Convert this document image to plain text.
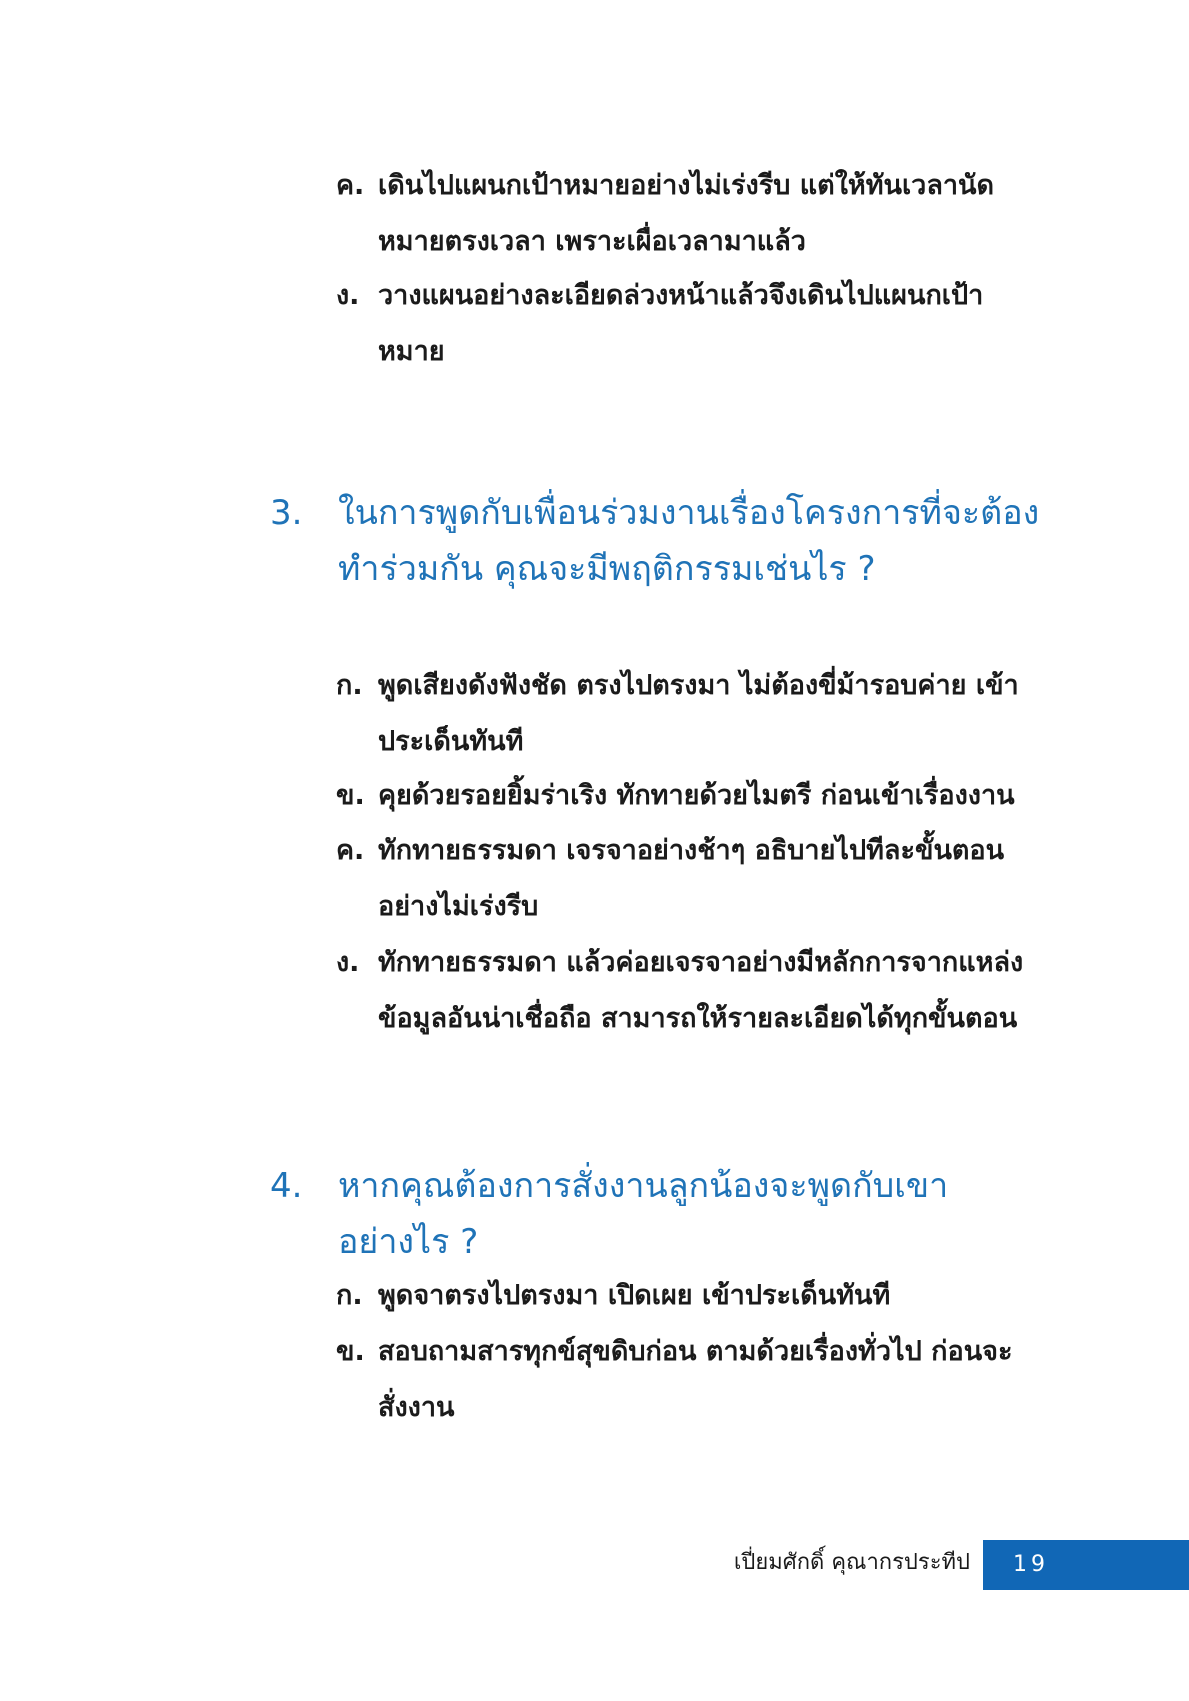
ค. เดินไปแผนกเป้าหมายอย่างไม่เร่งรีบ แต่ให้ทันเวลานัดหมายตรงเวลา เพราะเผื่อเวลามาแล้ว
ง. วางแผนอย่างละเอียดล่วงหน้าแล้วจึงเดินไปแผนกเป้าหมาย
3. ในการพูดกับเพื่อนร่วมงานเรื่องโครงการที่จะต้องทำร่วมกัน คุณจะมีพฤติกรรมเช่นไร ?
ก. พูดเสียงดังฟังชัด ตรงไปตรงมา ไม่ต้องขี่ม้ารอบค่าย เข้าประเด็นทันที
ข. คุยด้วยรอยยิ้มร่าเริง ทักทายด้วยไมตรี ก่อนเข้าเรื่องงาน
ค. ทักทายธรรมดา เจรจาอย่างช้าๆ อธิบายไปทีละขั้นตอนอย่างไม่เร่งรีบ
ง. ทักทายธรรมดา แล้วค่อยเจรจาอย่างมีหลักการจากแหล่งข้อมูลอันน่าเชื่อถือ สามารถให้รายละเอียดได้ทุกขั้นตอน
4. หากคุณต้องการสั่งงานลูกน้องจะพูดกับเขาอย่างไร ?
ก. พูดจาตรงไปตรงมา เปิดเผย เข้าประเด็นทันที
ข. สอบถามสารทุกข์สุขดิบก่อน ตามด้วยเรื่องทั่วไป ก่อนจะสั่งงาน
เปี่ยมศักดิ์ คุณากรประทีป 19
